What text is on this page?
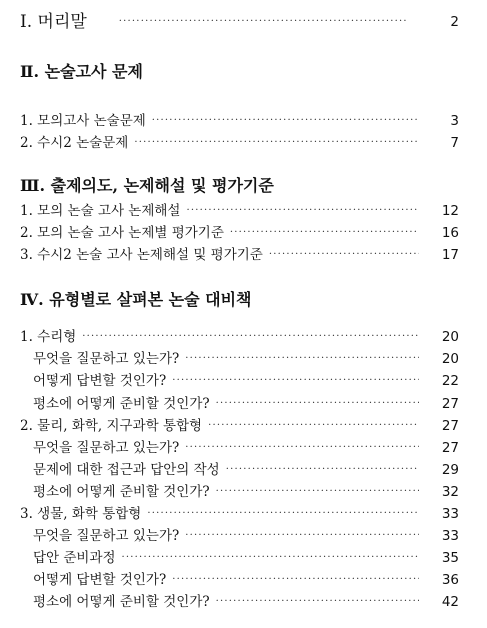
Ⅰ. 머리말 ·····	2
Ⅱ. 논술고사 문제
1. 모의고사 논술문제 ·····	3
2. 수시2 논술문제 ·····	7
Ⅲ. 출제의도, 논제해설 및 평가기준
1. 모의 논술 고사 논제해설 ·····	12
2. 모의 논술 고사 논제별 평가기준 ·····	16
3. 수시2 논술 고사 논제해설 및 평가기준 ·····	17
Ⅳ. 유형별로 살펴본 논술 대비책
1. 수리형 ·····	20
무엇을 질문하고 있는가? ·····	20
어떻게 답변할 것인가? ·····	22
평소에 어떻게 준비할 것인가? ·····	27
2. 물리, 화학, 지구과학 통합형 ·····	27
무엇을 질문하고 있는가? ·····	27
문제에 대한 접근과 답안의 작성 ·····	29
평소에 어떻게 준비할 것인가? ·····	32
3. 생물, 화학 통합형 ·····	33
무엇을 질문하고 있는가? ·····	33
답안 준비과정 ·····	35
어떻게 답변할 것인가? ·····	36
평소에 어떻게 준비할 것인가? ·····	42
